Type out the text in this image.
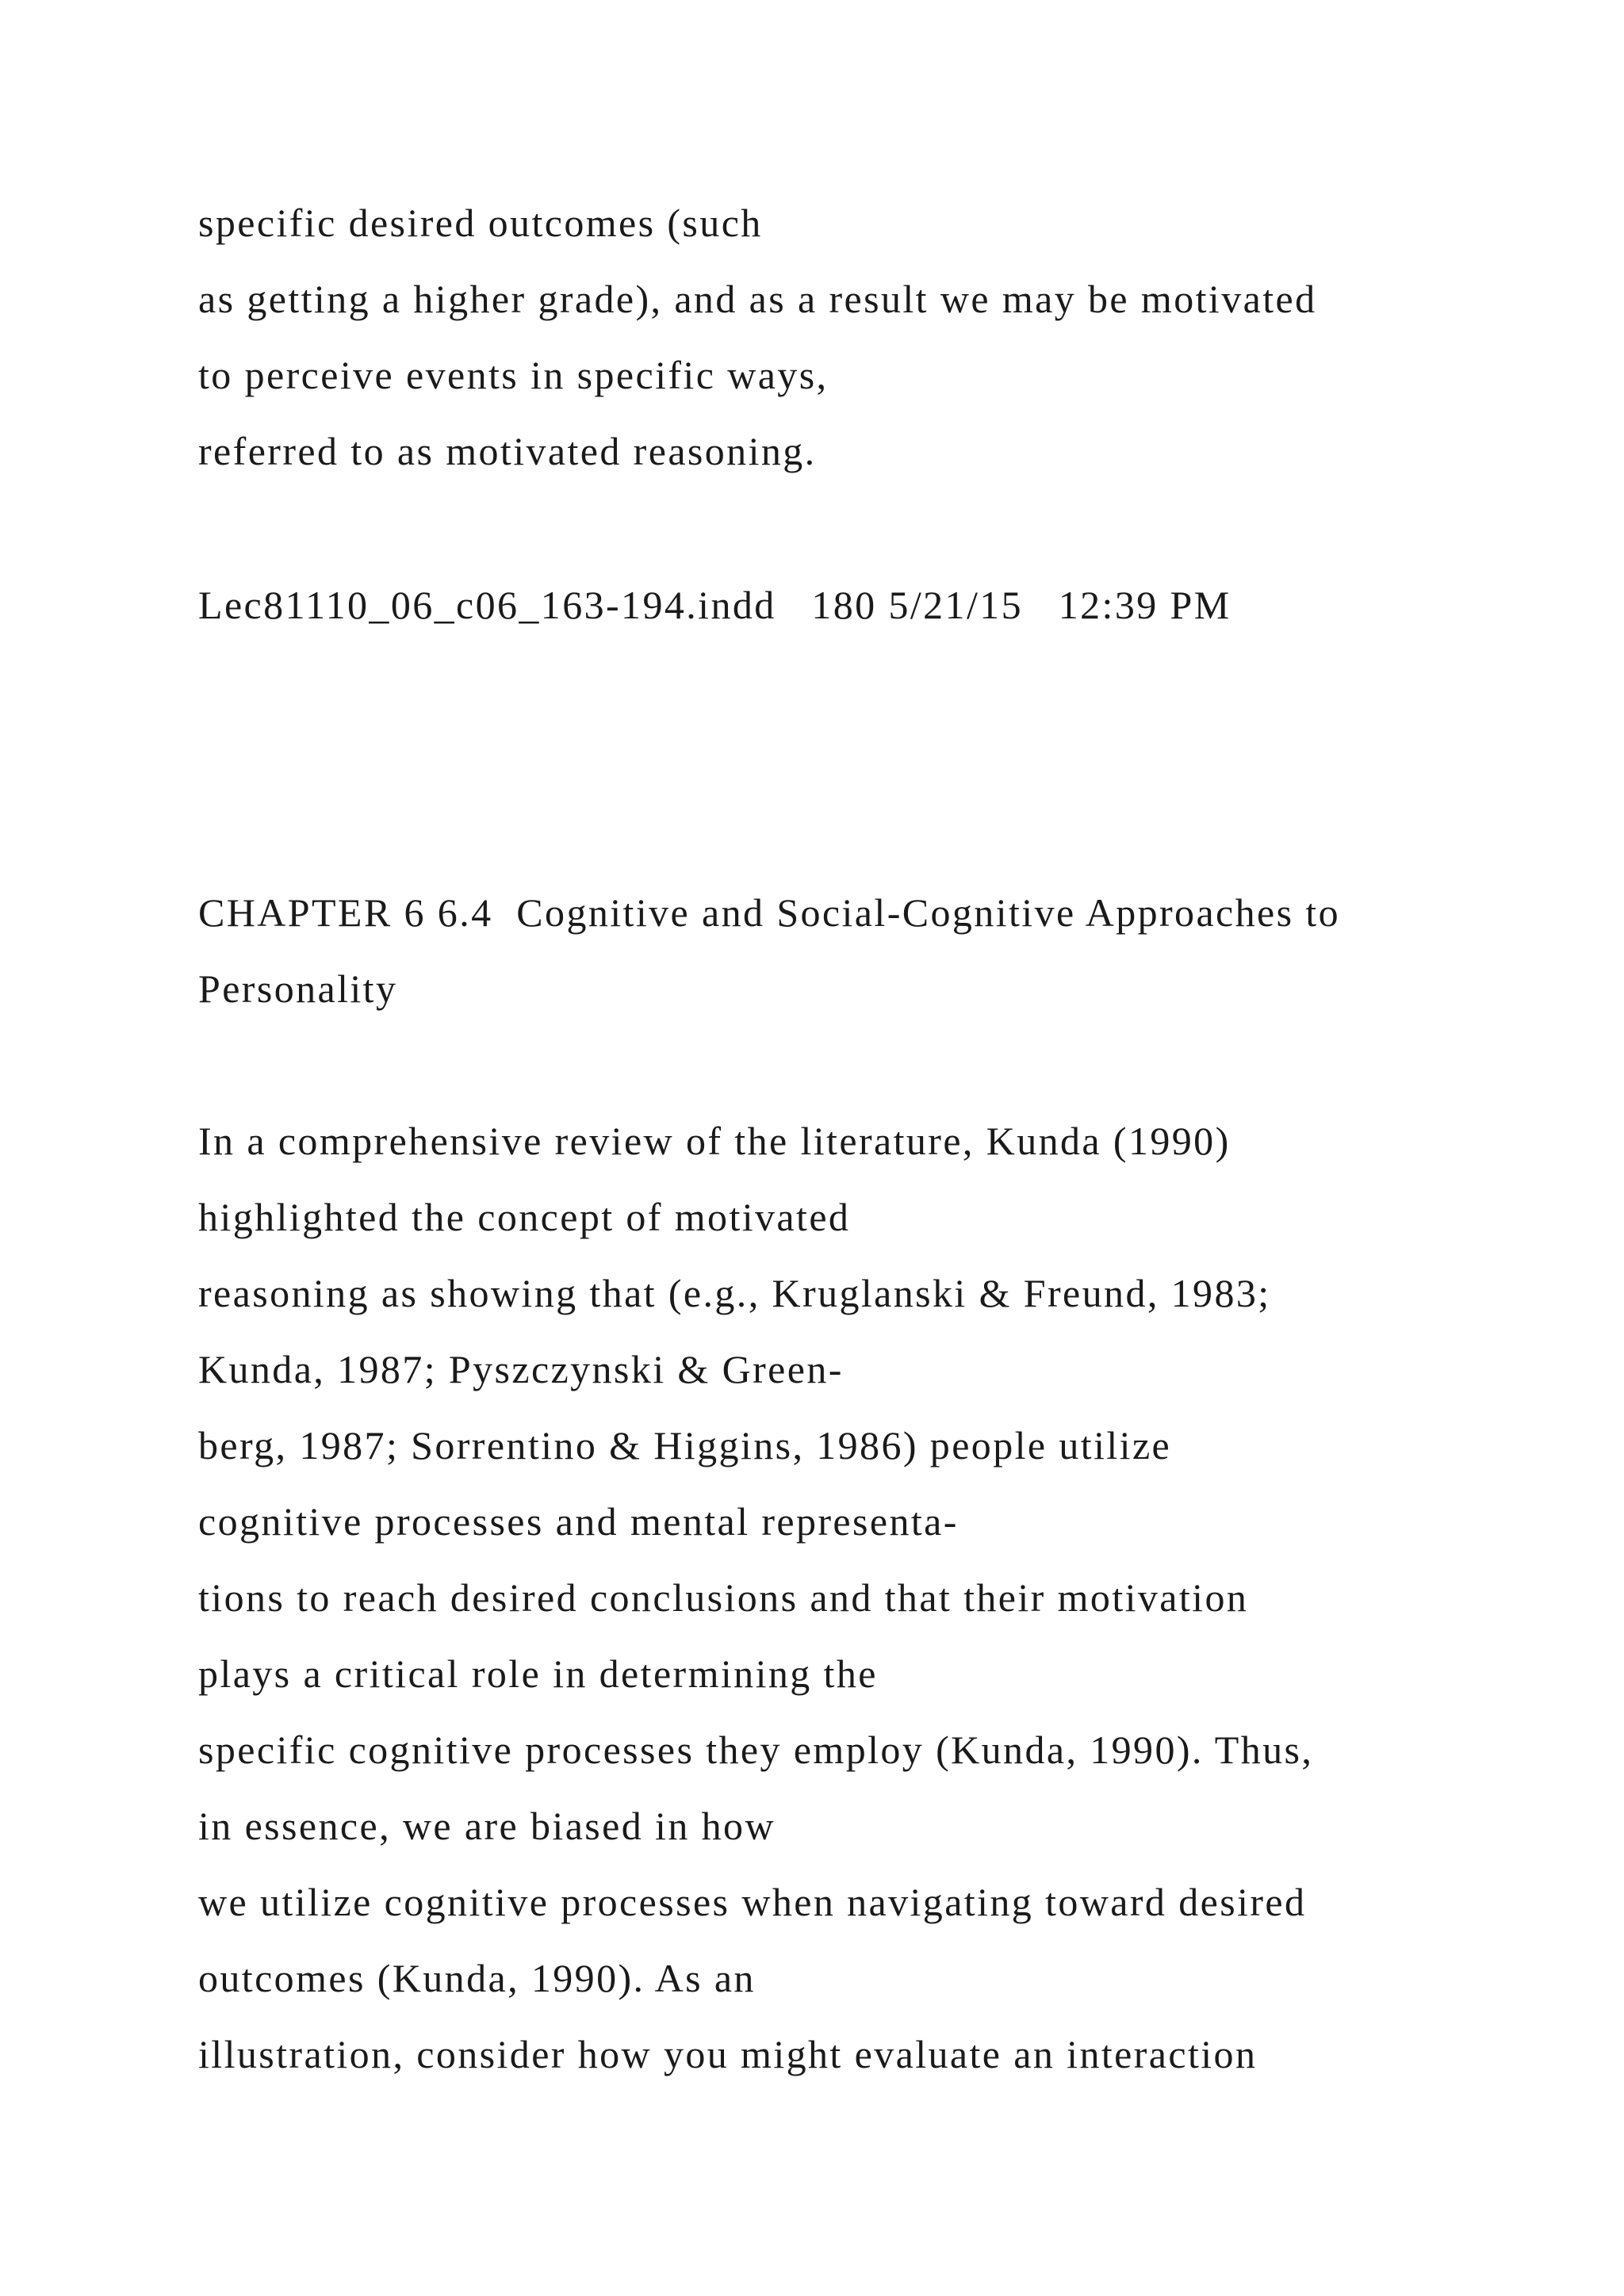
specific desired outcomes (such

as getting a higher grade), and as a result we may be motivated

to perceive events in specific ways,

referred to as motivated reasoning.

Lec81110_06_c06_163-194.indd   180 5/21/15   12:39 PM

CHAPTER 6 6.4  Cognitive and Social-Cognitive Approaches to

Personality

In a comprehensive review of the literature, Kunda (1990)

highlighted the concept of motivated

reasoning as showing that (e.g., Kruglanski & Freund, 1983;

Kunda, 1987; Pyszczynski & Green-

berg, 1987; Sorrentino & Higgins, 1986) people utilize

cognitive processes and mental representa-

tions to reach desired conclusions and that their motivation

plays a critical role in determining the

specific cognitive processes they employ (Kunda, 1990). Thus,

in essence, we are biased in how

we utilize cognitive processes when navigating toward desired

outcomes (Kunda, 1990). As an

illustration, consider how you might evaluate an interaction
